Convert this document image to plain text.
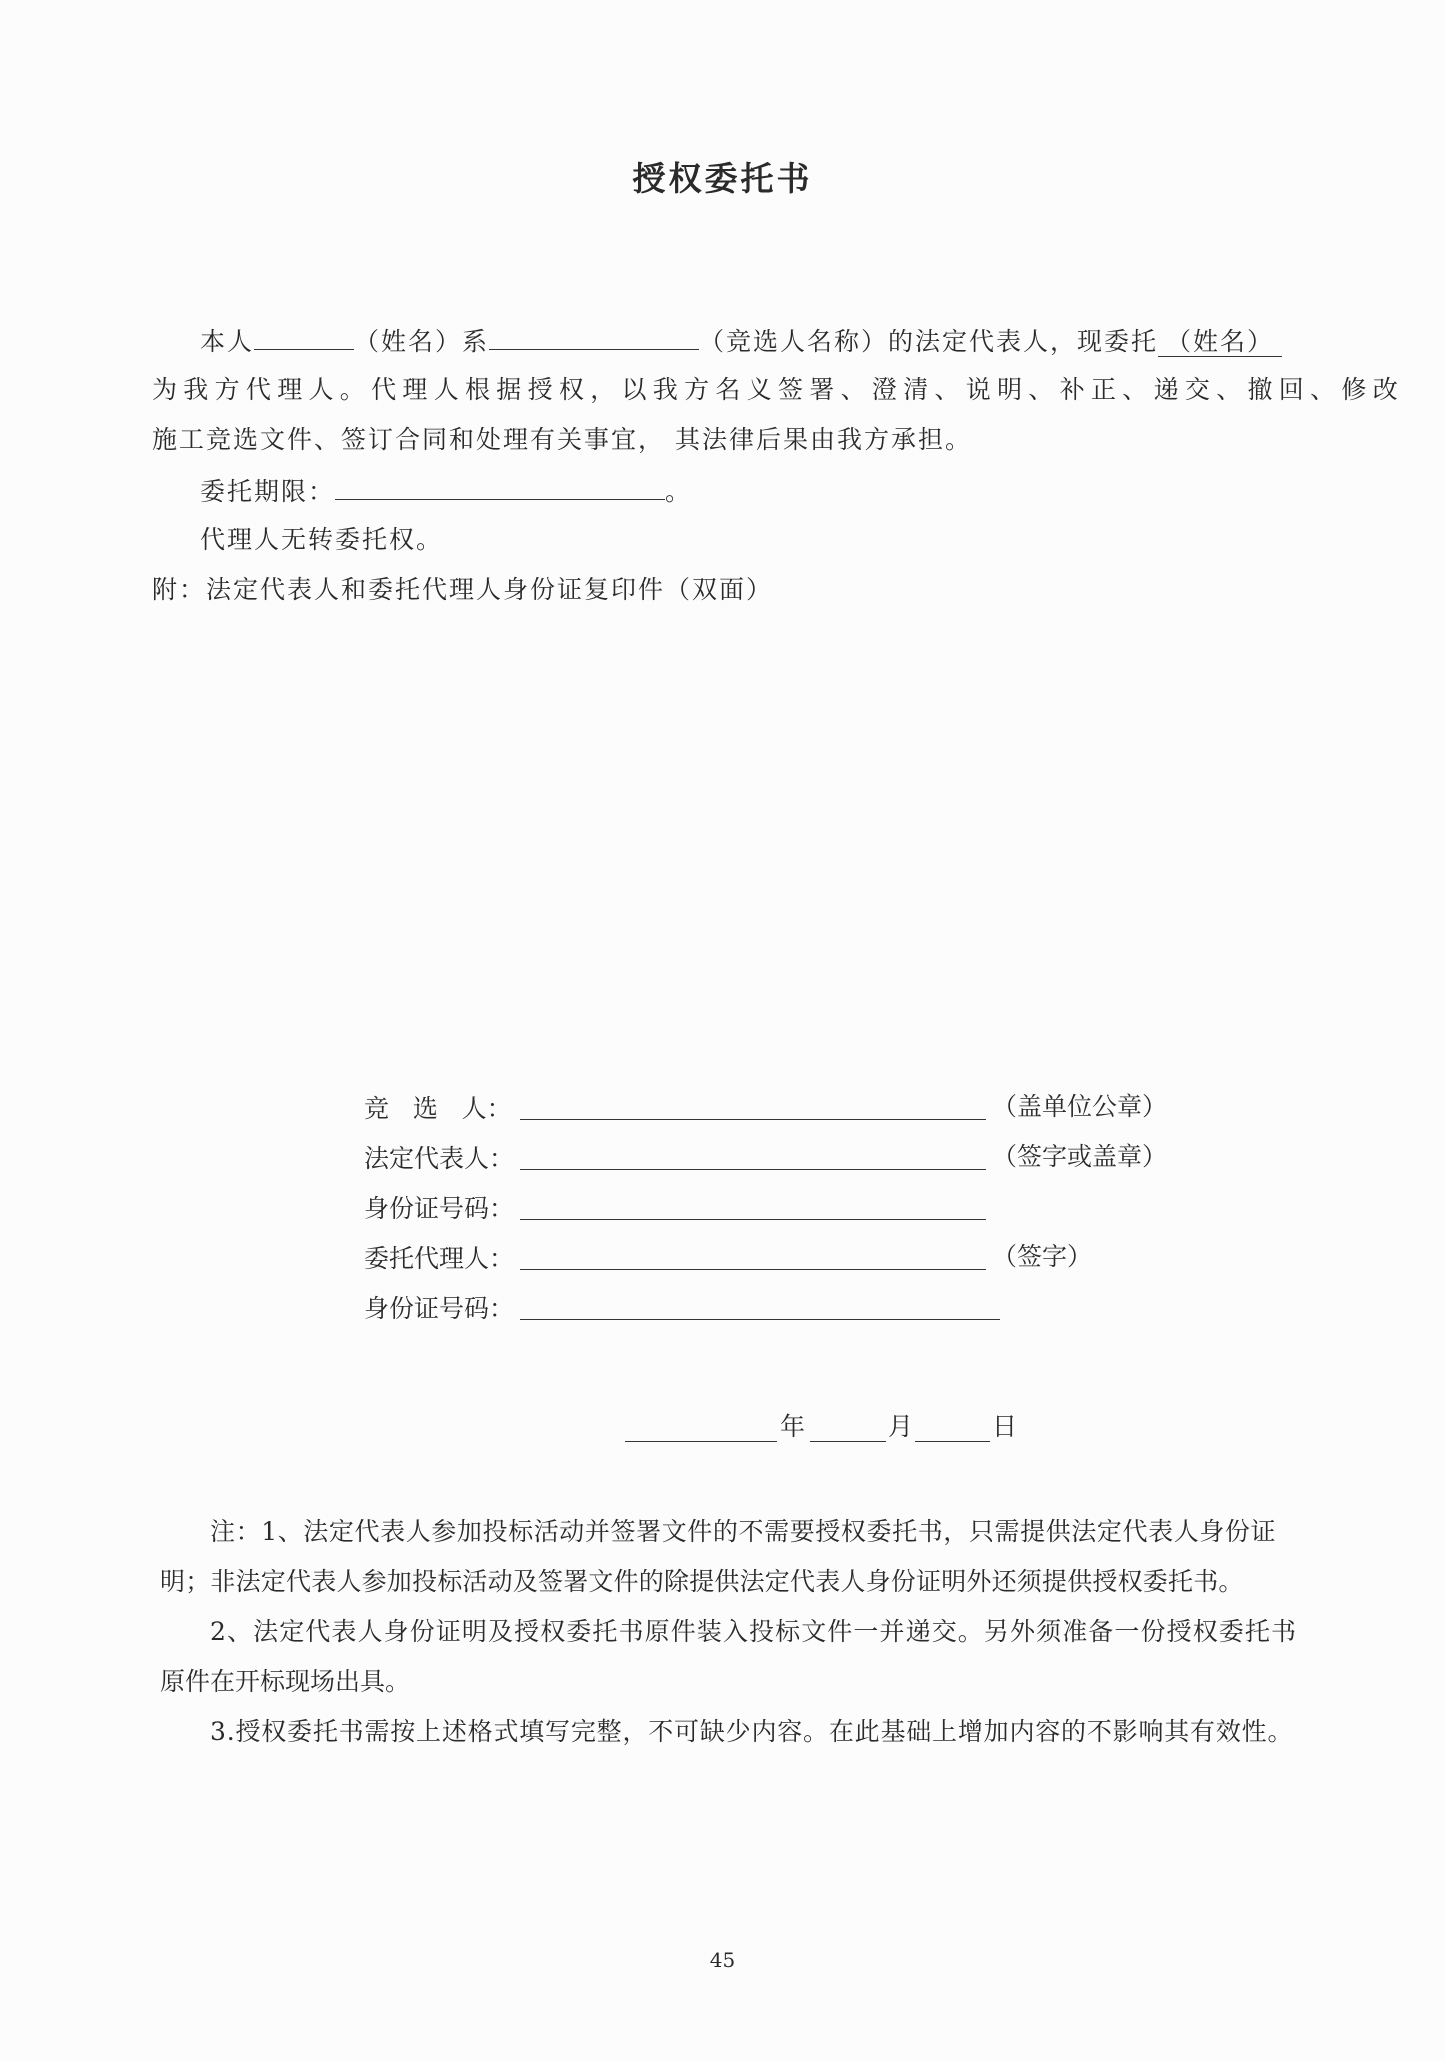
授权委托书
本人	（姓名）系	（竞选人名称）的法定代表人，现委托 （姓名）
为我方代理人。代理人根据授权，以我方名义签署、澄清、说明、补正、递交、撤回、修改
施工竞选文件、签订合同和处理有关事宜， 其法律后果由我方承担。
委托期限：	。
代理人无转委托权。
附：法定代表人和委托代理人身份证复印件（双面）
竞   选   人：	（盖单位公章）
法定代表人：	（签字或盖章）
身份证号码：
委托代理人：	（签字）
身份证号码：
年	月	日
注：1、法定代表人参加投标活动并签署文件的不需要授权委托书，只需提供法定代表人身份证
明；非法定代表人参加投标活动及签署文件的除提供法定代表人身份证明外还须提供授权委托书。
2、法定代表人身份证明及授权委托书原件装入投标文件一并递交。另外须准备一份授权委托书
原件在开标现场出具。
3.授权委托书需按上述格式填写完整，不可缺少内容。在此基础上增加内容的不影响其有效性。
45
